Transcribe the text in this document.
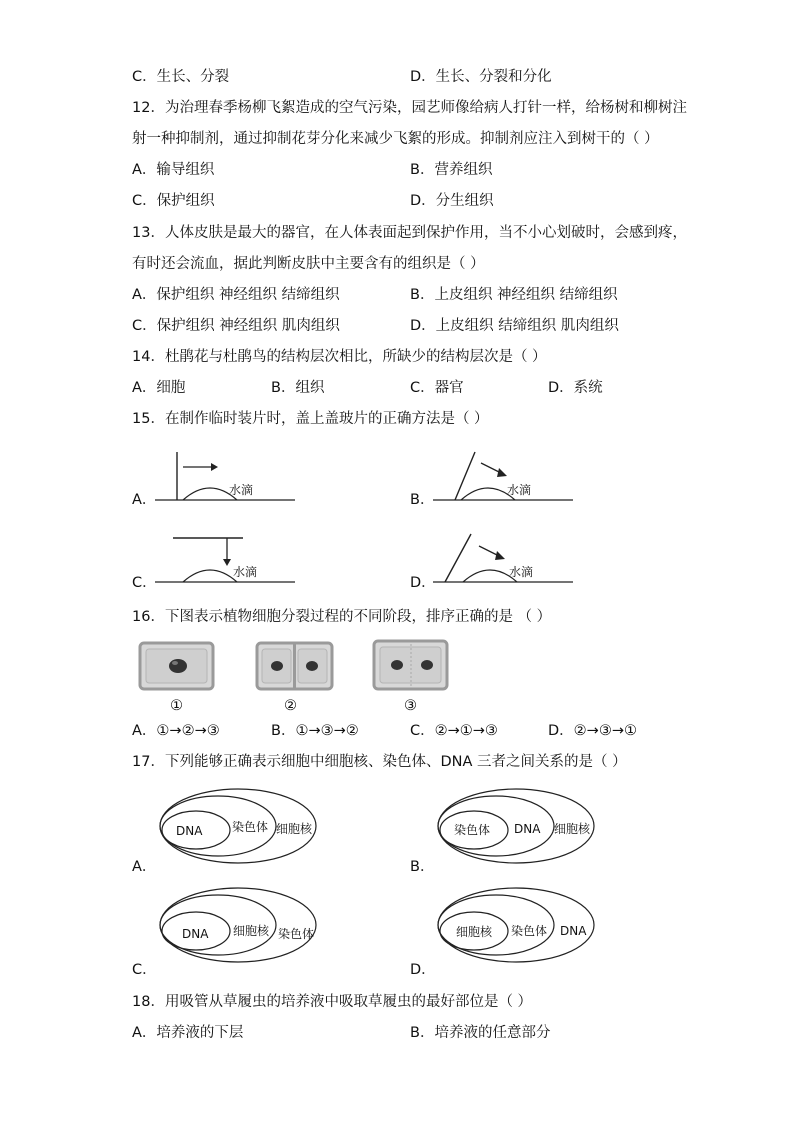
C．生长、分裂	D．生长、分裂和分化
12．为治理春季杨柳飞絮造成的空气污染，园艺师像给病人打针一样，给杨树和柳树注
射一种抑制剂，通过抑制花芽分化来减少飞絮的形成。抑制剂应注入到树干的（ ）
A．输导组织	B．营养组织
C．保护组织	D．分生组织
13．人体皮肤是最大的器官，在人体表面起到保护作用，当不小心划破时，会感到疼，
有时还会流血，据此判断皮肤中主要含有的组织是（ ）
A．保护组织 神经组织 结缔组织	B．上皮组织 神经组织 结缔组织
C．保护组织 神经组织 肌肉组织	D．上皮组织 结缔组织 肌肉组织
14．杜鹃花与杜鹃鸟的结构层次相比，所缺少的结构层次是（ ）
A．细胞	B．组织	C．器官	D．系统
15．在制作临时装片时，盖上盖玻片的正确方法是（ ）
A．
水滴
B．
水滴
C．
水滴
D．
水滴
16．下图表示植物细胞分裂过程的不同阶段，排序正确的是 （ ）
①	②	③
A．①→②→③	B．①→③→②	C．②→①→③	D．②→③→①
17．下列能够正确表示细胞中细胞核、染色体、DNA 三者之间关系的是（ ）
DNA 染色体 细胞核
A．
染色体 DNA 细胞核
B．
DNA 细胞核 染色体
C．
细胞核 染色体 DNA
D．
18．用吸管从草履虫的培养液中吸取草履虫的最好部位是（ ）
A．培养液的下层	B．培养液的任意部分
